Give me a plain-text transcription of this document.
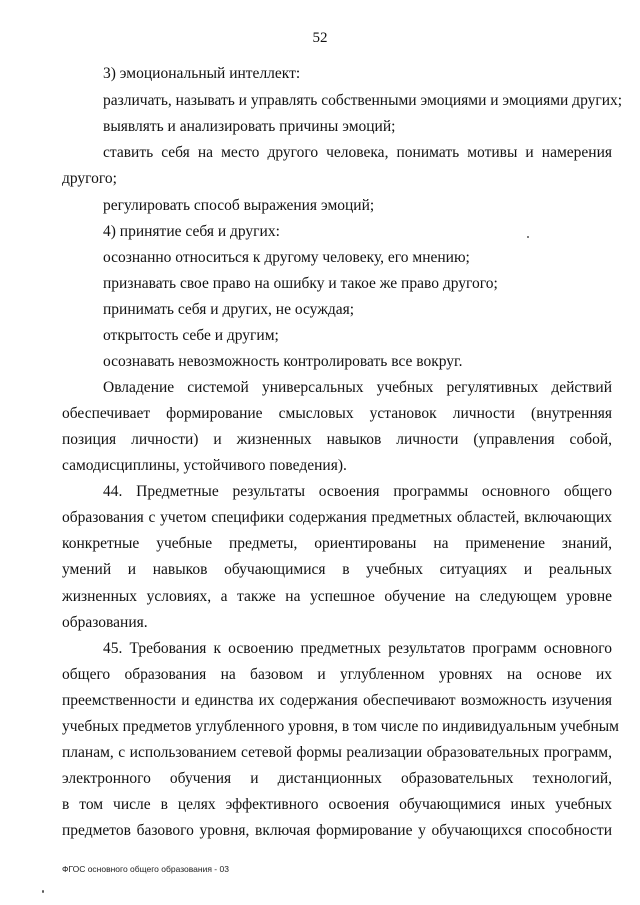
52
3) эмоциональный интеллект:
различать, называть и управлять собственными эмоциями и эмоциями других;
выявлять и анализировать причины эмоций;
ставить себя на место другого человека, понимать мотивы и намерения
другого;
регулировать способ выражения эмоций;
4) принятие себя и других:
осознанно относиться к другому человеку, его мнению;
признавать свое право на ошибку и такое же право другого;
принимать себя и других, не осуждая;
открытость себе и другим;
осознавать невозможность контролировать все вокруг.
Овладение системой универсальных учебных регулятивных действий
обеспечивает формирование смысловых установок личности (внутренняя
позиция личности) и жизненных навыков личности (управления собой,
самодисциплины, устойчивого поведения).
44. Предметные результаты освоения программы основного общего
образования с учетом специфики содержания предметных областей, включающих
конкретные учебные предметы, ориентированы на применение знаний,
умений и навыков обучающимися в учебных ситуациях и реальных
жизненных условиях, а также на успешное обучение на следующем уровне
образования.
45. Требования к освоению предметных результатов программ основного
общего образования на базовом и углубленном уровнях на основе их
преемственности и единства их содержания обеспечивают возможность изучения
учебных предметов углубленного уровня, в том числе по индивидуальным учебным
планам, с использованием сетевой формы реализации образовательных программ,
электронного обучения и дистанционных образовательных технологий,
в том числе в целях эффективного освоения обучающимися иных учебных
предметов базового уровня, включая формирование у обучающихся способности
ФГОС основного общего образования - 03
